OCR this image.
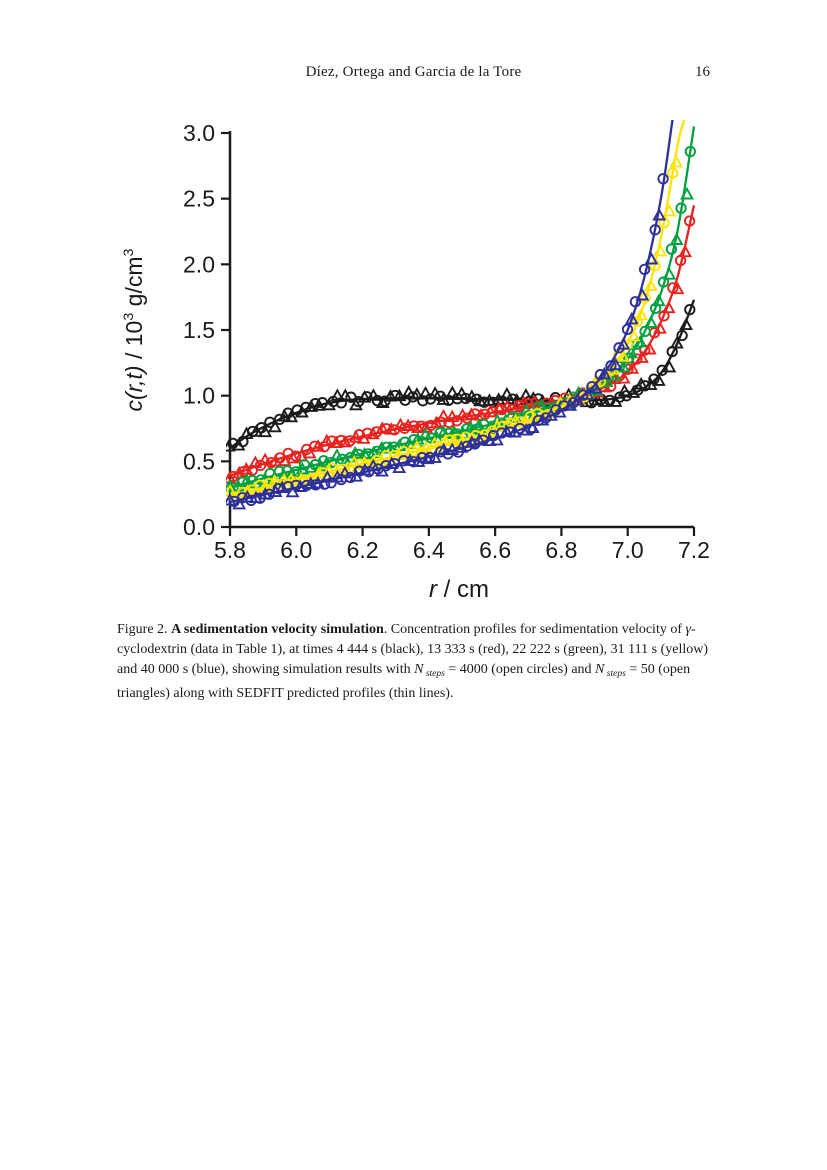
Díez, Ortega and Garcia de la Tore	16
0.0
0.5
1.0
1.5
2.0
2.5
3.0
5.8 6.0 6.2 6.4 6.6 6.8 7.0 7.2
r / cm
$c(r,t) / 10^3$ $g/cm^3$

Figure 2. A sedimentation velocity simulation. Concentration profiles for sedimentation velocity of γ-cyclodextrin (data in Table 1), at times 4 444 s (black), 13 333 s (red), 22 222 s (green), 31 111 s (yellow) and 40 000 s (blue), showing simulation results with N $_{steps}$ = 4000 (open circles) and N $_{steps}$ = 50 (open triangles) along with SEDFIT predicted profiles (thin lines).
